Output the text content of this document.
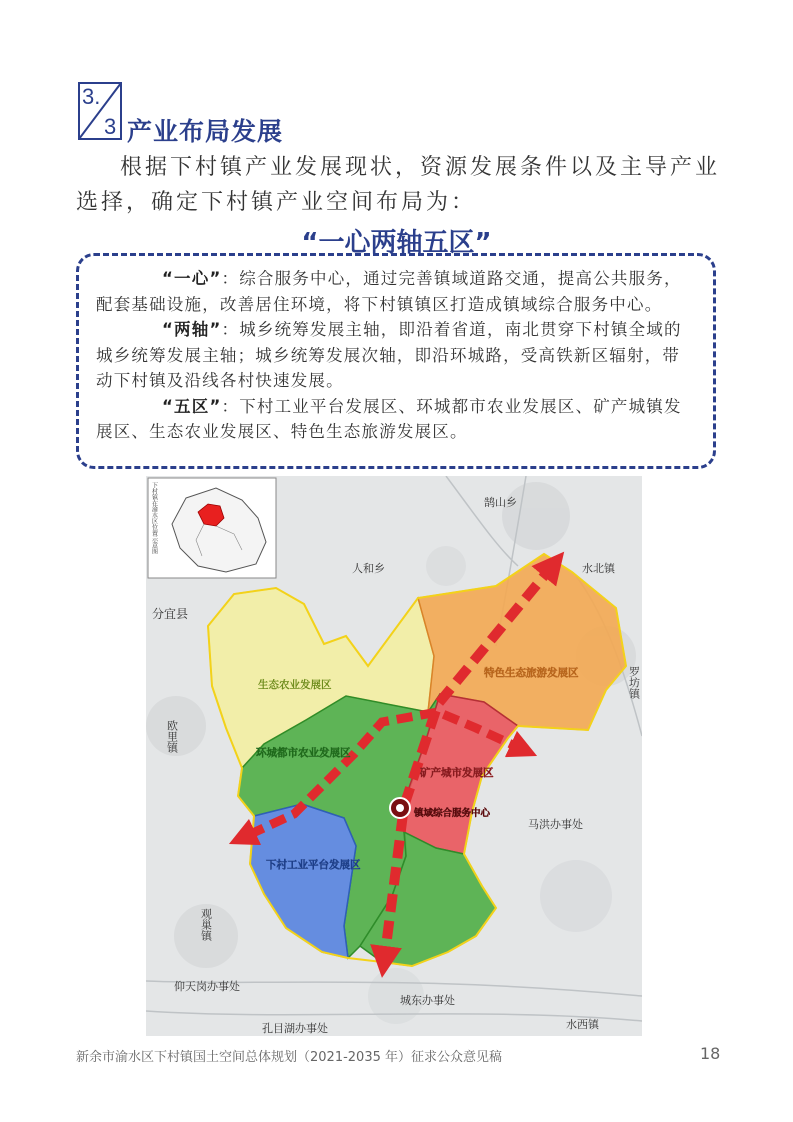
3.
3 产业布局发展
根据下村镇产业发展现状，资源发展条件以及主导产业选择，确定下村镇产业空间布局为：
“一心两轴五区”

“一心”：综合服务中心，通过完善镇域道路交通，提高公共服务，配套基础设施，改善居住环境，将下村镇镇区打造成镇域综合服务中心。

“两轴”：城乡统筹发展主轴，即沿着省道，南北贯穿下村镇全域的城乡统筹发展主轴；城乡统筹发展次轴，即沿环城路，受高铁新区辐射，带动下村镇及沿线各村快速发展。

“五区”：下村工业平台发展区、环城都市农业发展区、矿产城镇发展区、生态农业发展区、特色生态旅游发展区。

下村镇在渝水区位置示意图
生态农业发展区
特色生态旅游发展区
环城都市农业发展区
矿产城市发展区
下村工业平台发展区
镇域综合服务中心
鹄山乡
人和乡	水北镇
分宜县
罗坊镇
欧里镇
马洪办事处
观巢镇
仰天岗办事处
城东办事处
孔目湖办事处	水西镇
新余市渝水区下村镇国土空间总体规划（2021-2035 年）征求公众意见稿	18
